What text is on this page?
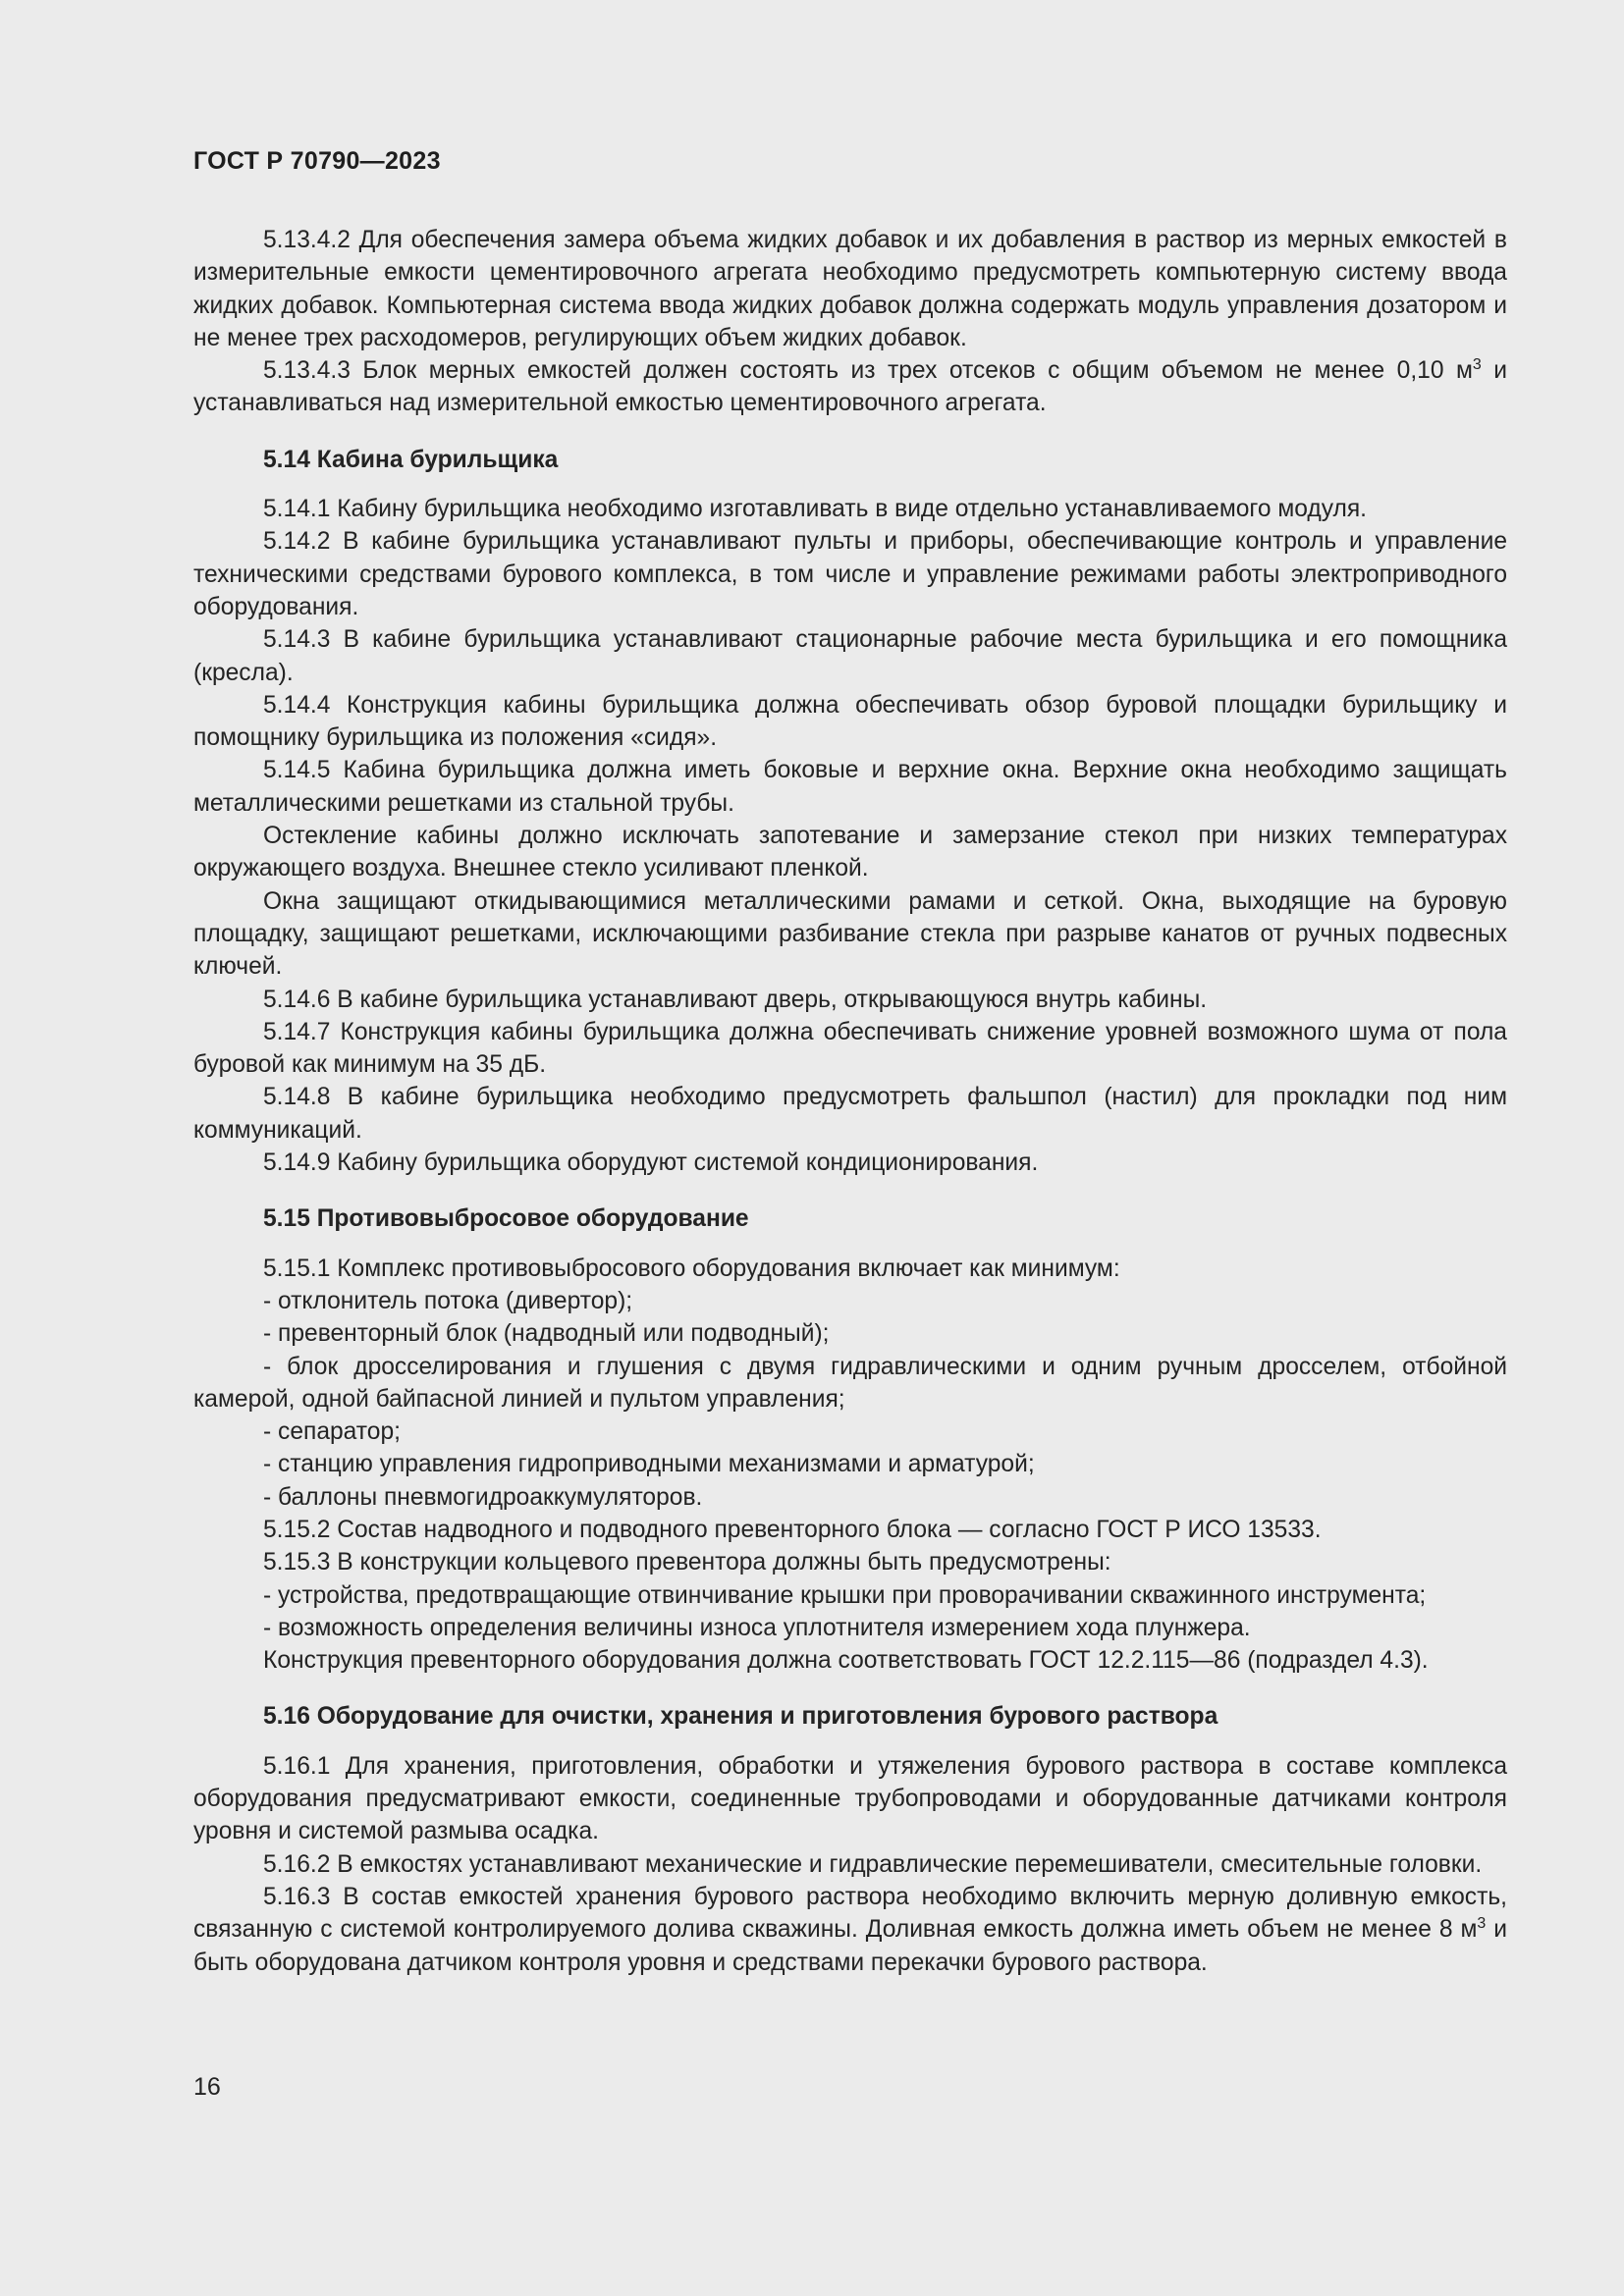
ГОСТ Р 70790—2023

5.13.4.2 Для обеспечения замера объема жидких добавок и их добавления в раствор из мерных емкостей в измерительные емкости цементировочного агрегата необходимо предусмотреть компьютерную систему ввода жидких добавок. Компьютерная система ввода жидких добавок должна содержать модуль управления дозатором и не менее трех расходомеров, регулирующих объем жидких добавок.

5.13.4.3 Блок мерных емкостей должен состоять из трех отсеков с общим объемом не менее 0,10 $м^3$ и устанавливаться над измерительной емкостью цементировочного агрегата.

5.14 Кабина бурильщика

5.14.1 Кабину бурильщика необходимо изготавливать в виде отдельно устанавливаемого модуля.

5.14.2 В кабине бурильщика устанавливают пульты и приборы, обеспечивающие контроль и управление техническими средствами бурового комплекса, в том числе и управление режимами работы электроприводного оборудования.

5.14.3 В кабине бурильщика устанавливают стационарные рабочие места бурильщика и его помощника (кресла).

5.14.4 Конструкция кабины бурильщика должна обеспечивать обзор буровой площадки бурильщику и помощнику бурильщика из положения «сидя».

5.14.5 Кабина бурильщика должна иметь боковые и верхние окна. Верхние окна необходимо защищать металлическими решетками из стальной трубы.

Остекление кабины должно исключать запотевание и замерзание стекол при низких температурах окружающего воздуха. Внешнее стекло усиливают пленкой.

Окна защищают откидывающимися металлическими рамами и сеткой. Окна, выходящие на буровую площадку, защищают решетками, исключающими разбивание стекла при разрыве канатов от ручных подвесных ключей.

5.14.6 В кабине бурильщика устанавливают дверь, открывающуюся внутрь кабины.

5.14.7 Конструкция кабины бурильщика должна обеспечивать снижение уровней возможного шума от пола буровой как минимум на 35 дБ.

5.14.8 В кабине бурильщика необходимо предусмотреть фальшпол (настил) для прокладки под ним коммуникаций.

5.14.9 Кабину бурильщика оборудуют системой кондиционирования.

5.15 Противовыбросовое оборудование

5.15.1 Комплекс противовыбросового оборудования включает как минимум:

- отклонитель потока (дивертор);

- превенторный блок (надводный или подводный);

- блок дросселирования и глушения с двумя гидравлическими и одним ручным дросселем, отбойной камерой, одной байпасной линией и пультом управления;

- сепаратор;

- станцию управления гидроприводными механизмами и арматурой;

- баллоны пневмогидроаккумуляторов.

5.15.2 Состав надводного и подводного превенторного блока — согласно ГОСТ Р ИСО 13533.

5.15.3 В конструкции кольцевого превентора должны быть предусмотрены:

- устройства, предотвращающие отвинчивание крышки при проворачивании скважинного инструмента;

- возможность определения величины износа уплотнителя измерением хода плунжера.

Конструкция превенторного оборудования должна соответствовать ГОСТ 12.2.115—86 (подраздел 4.3).

5.16 Оборудование для очистки, хранения и приготовления бурового раствора

5.16.1 Для хранения, приготовления, обработки и утяжеления бурового раствора в составе комплекса оборудования предусматривают емкости, соединенные трубопроводами и оборудованные датчиками контроля уровня и системой размыва осадка.

5.16.2 В емкостях устанавливают механические и гидравлические перемешиватели, смесительные головки.

5.16.3 В состав емкостей хранения бурового раствора необходимо включить мерную доливную емкость, связанную с системой контролируемого долива скважины. Доливная емкость должна иметь объем не менее 8 $м^3$ и быть оборудована датчиком контроля уровня и средствами перекачки бурового раствора.

16
